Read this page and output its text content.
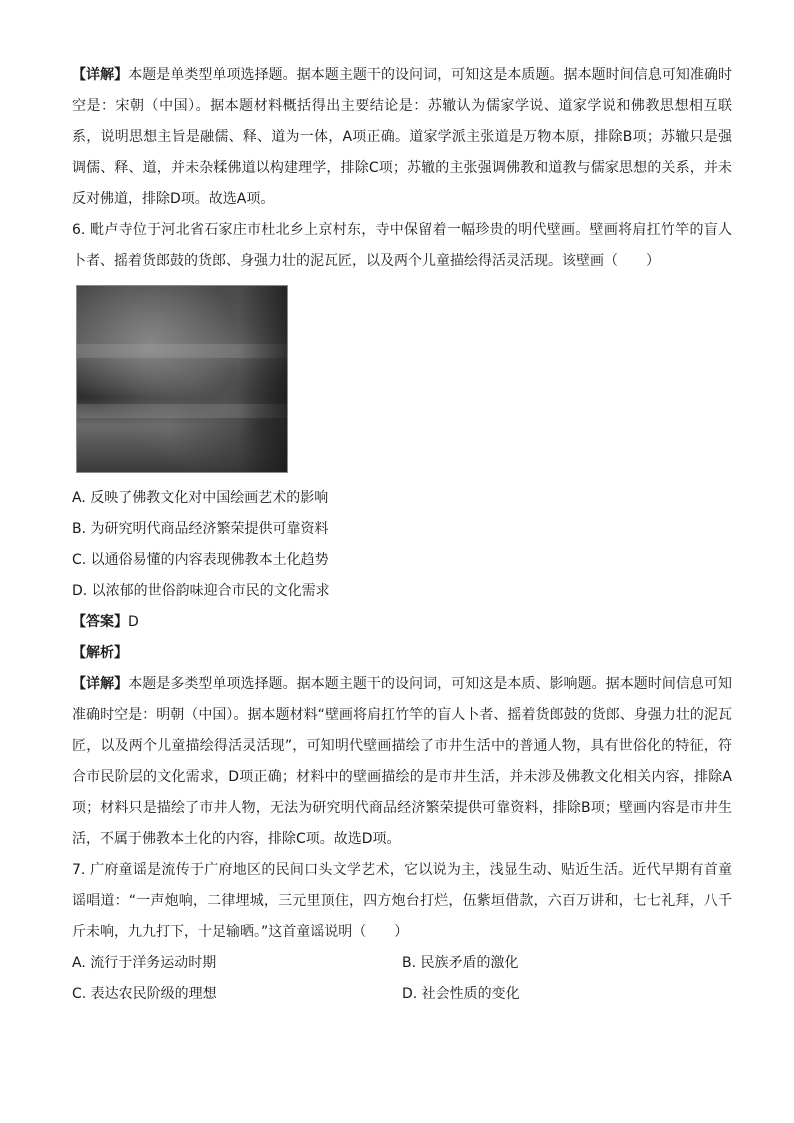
【详解】本题是单类型单项选择题。据本题主题干的设问词，可知这是本质题。据本题时间信息可知准确时空是：宋朝（中国）。据本题材料概括得出主要结论是：苏辙认为儒家学说、道家学说和佛教思想相互联系，说明思想主旨是融儒、释、道为一体，A项正确。道家学派主张道是万物本原，排除B项；苏辙只是强调儒、释、道，并未杂糅佛道以构建理学，排除C项；苏辙的主张强调佛教和道教与儒家思想的关系，并未反对佛道，排除D项。故选A项。

6. 毗卢寺位于河北省石家庄市杜北乡上京村东，寺中保留着一幅珍贵的明代壁画。壁画将肩扛竹竿的盲人卜者、摇着货郎鼓的货郎、身强力壮的泥瓦匠，以及两个儿童描绘得活灵活现。该壁画（　　）

A. 反映了佛教文化对中国绘画艺术的影响

B. 为研究明代商品经济繁荣提供可靠资料

C. 以通俗易懂的内容表现佛教本土化趋势

D. 以浓郁的世俗韵味迎合市民的文化需求

【答案】D

【解析】

【详解】本题是多类型单项选择题。据本题主题干的设问词，可知这是本质、影响题。据本题时间信息可知准确时空是：明朝（中国）。据本题材料“壁画将肩扛竹竿的盲人卜者、摇着货郎鼓的货郎、身强力壮的泥瓦匠，以及两个儿童描绘得活灵活现”，可知明代壁画描绘了市井生活中的普通人物，具有世俗化的特征，符合市民阶层的文化需求，D项正确；材料中的壁画描绘的是市井生活，并未涉及佛教文化相关内容，排除A项；材料只是描绘了市井人物，无法为研究明代商品经济繁荣提供可靠资料，排除B项；壁画内容是市井生活，不属于佛教本土化的内容，排除C项。故选D项。

7. 广府童谣是流传于广府地区的民间口头文学艺术，它以说为主，浅显生动、贴近生活。近代早期有首童谣唱道：“一声炮响，二律埋城，三元里顶住，四方炮台打烂，伍紫垣借款，六百万讲和，七七礼拜，八千斤未响，九九打下，十足输晒。”这首童谣说明（　　）

A. 流行于洋务运动时期	B. 民族矛盾的激化

C. 表达农民阶级的理想	D. 社会性质的变化
